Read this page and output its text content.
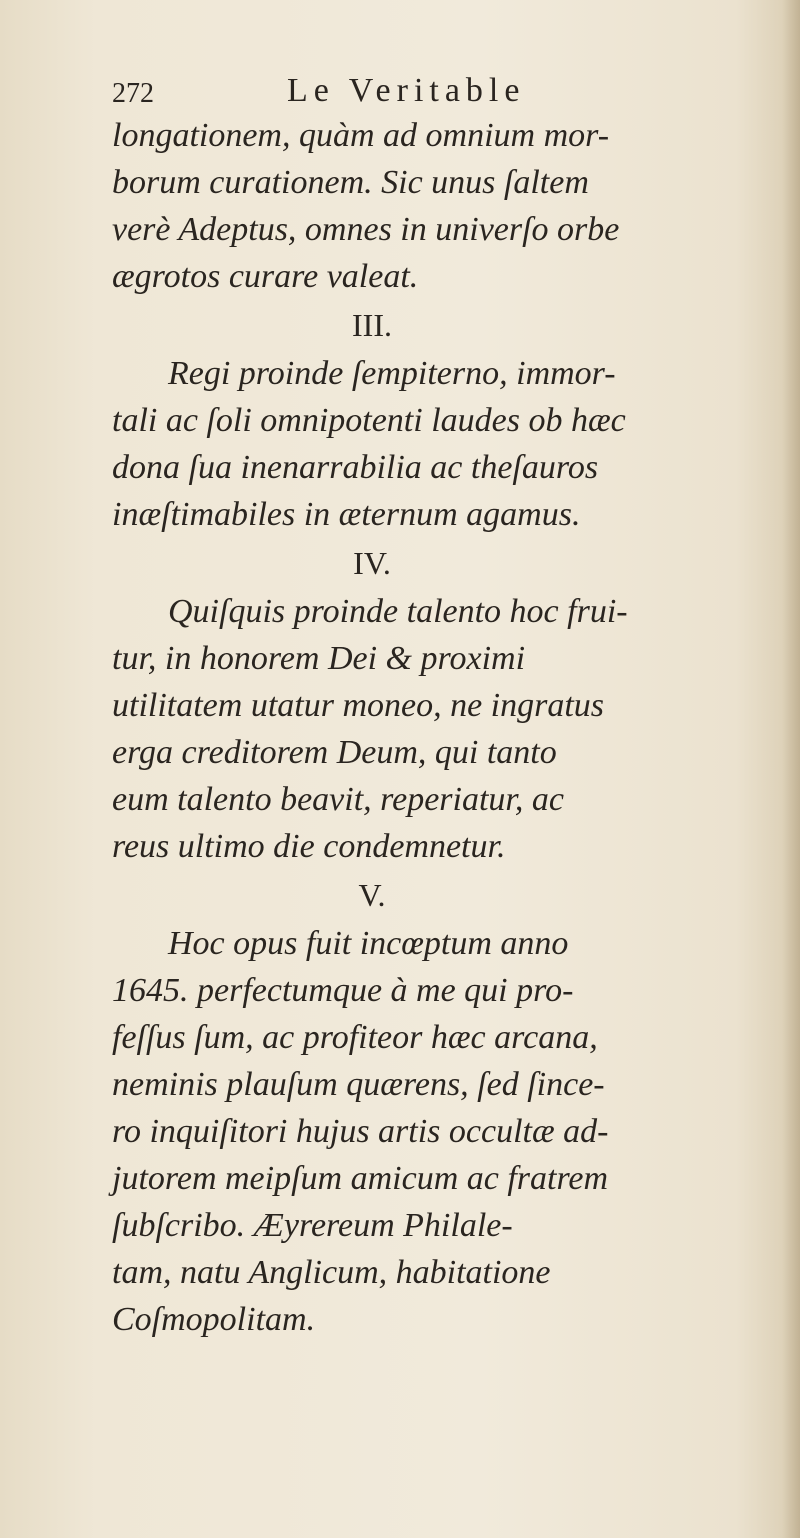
272	Le Veritable
longationem, quàm ad omnium mor-
borum curationem. Sic unus ſaltem
verè Adeptus, omnes in univerſo orbe
ægrotos curare valeat.
III.
Regi proinde ſempiterno, immor-
tali ac ſoli omnipotenti laudes ob hæc
dona ſua inenarrabilia ac theſauros
inæſtimabiles in æternum agamus.
IV.
Quiſquis proinde talento hoc frui-
tur, in honorem Dei & proximi
utilitatem utatur moneo, ne ingratus
erga creditorem Deum, qui tanto
eum talento beavit, reperiatur, ac
reus ultimo die condemnetur.
V.
Hoc opus fuit incœptum anno
1645. perfectumque à me qui pro-
feſſus ſum, ac profiteor hæc arcana,
neminis plauſum quærens, ſed ſince-
ro inquiſitori hujus artis occultæ ad-
jutorem meipſum amicum ac fratrem
ſubſcribo. Æyrereum Philale-
tam, natu Anglicum, habitatione
Coſmopolitam.
